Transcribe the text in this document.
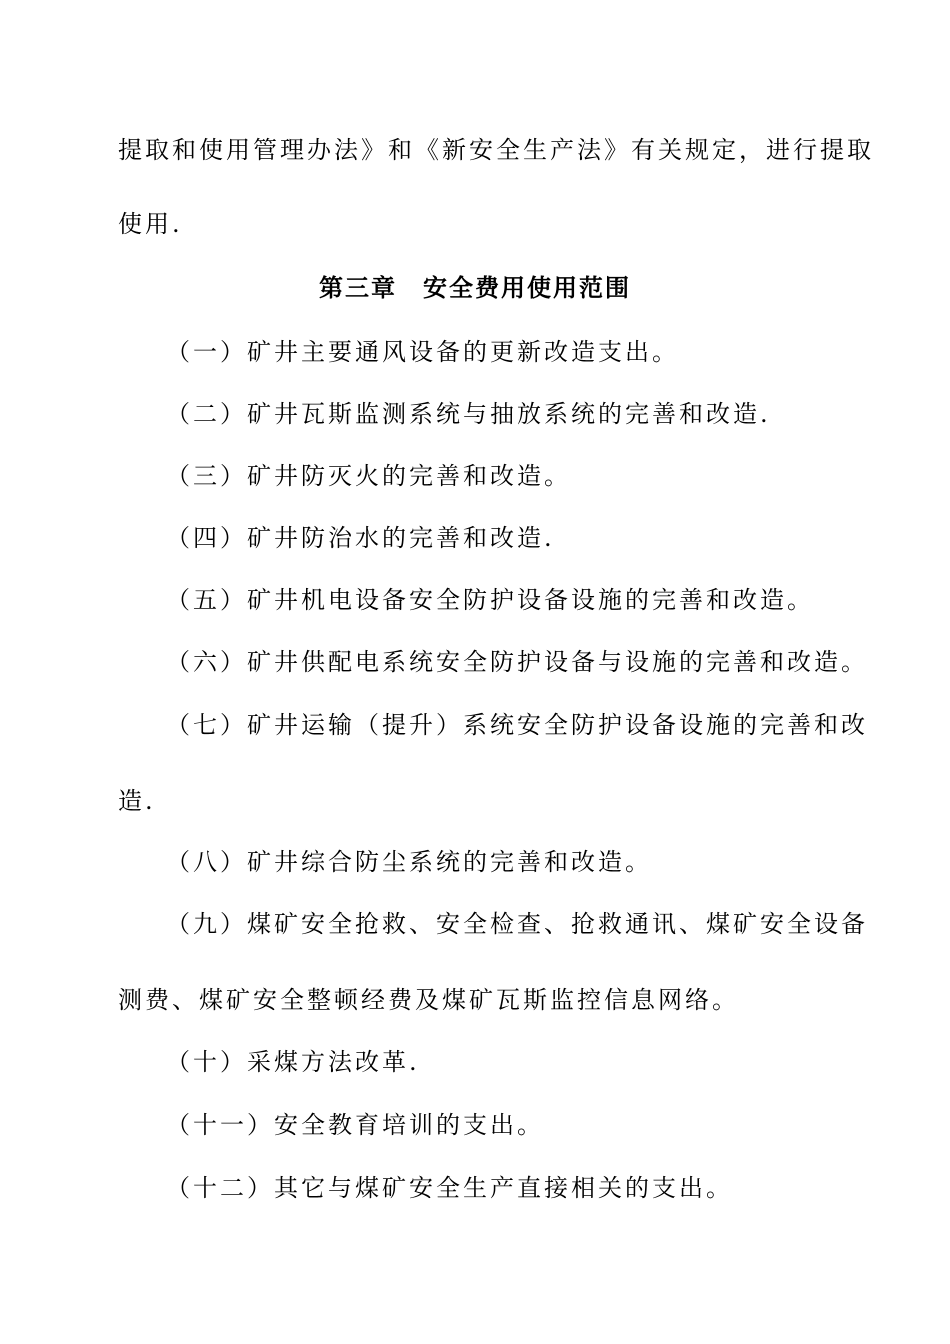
提取和使用管理办法》和《新安全生产法》有关规定，进行提取
使用.
第三章　安全费用使用范围
（一）矿井主要通风设备的更新改造支出。
（二）矿井瓦斯监测系统与抽放系统的完善和改造.
（三）矿井防灭火的完善和改造。
（四）矿井防治水的完善和改造.
（五）矿井机电设备安全防护设备设施的完善和改造。
（六）矿井供配电系统安全防护设备与设施的完善和改造。
（七）矿井运输（提升）系统安全防护设备设施的完善和改
造.
（八）矿井综合防尘系统的完善和改造。
（九）煤矿安全抢救、安全检查、抢救通讯、煤矿安全设备
测费、煤矿安全整顿经费及煤矿瓦斯监控信息网络。
（十）采煤方法改革.
（十一）安全教育培训的支出。
（十二）其它与煤矿安全生产直接相关的支出。
